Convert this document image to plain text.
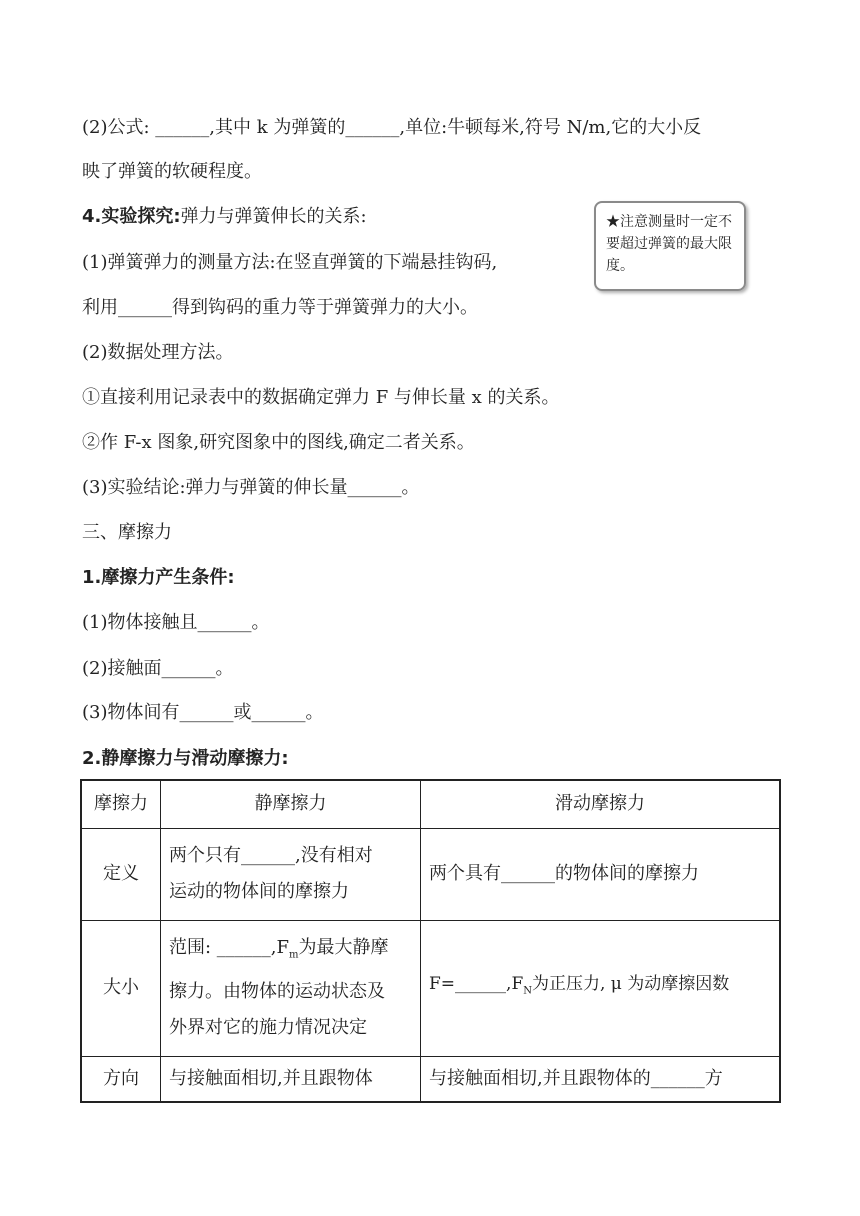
(2)公式: ______,其中 k 为弹簧的______,单位:牛顿每米,符号 N/m,它的大小反
映了弹簧的软硬程度。
4.实验探究:弹力与弹簧伸长的关系:
(1)弹簧弹力的测量方法:在竖直弹簧的下端悬挂钩码,
利用______得到钩码的重力等于弹簧弹力的大小。
(2)数据处理方法。
①直接利用记录表中的数据确定弹力 F 与伸长量 x 的关系。
②作 F-x 图象,研究图象中的图线,确定二者关系。
(3)实验结论:弹力与弹簧的伸长量______。
三、摩擦力
1.摩擦力产生条件:
(1)物体接触且______。
(2)接触面______。
(3)物体间有______或______。
2.静摩擦力与滑动摩擦力:
★注意测量时一定不要超过弹簧的最大限度。
摩擦力	静摩擦力	滑动摩擦力
定义	两个只有______,没有相对
运动的物体间的摩擦力	两个具有______的物体间的摩擦力
大小	范围: $\_\_\_\_\_\_,F_m$为最大静摩
擦力。由物体的运动状态及
外界对它的施力情况决定	$F=\_\_\_\_\_\_,F_N$为正压力, μ 为动摩擦因数
方向	与接触面相切,并且跟物体	与接触面相切,并且跟物体的______方
